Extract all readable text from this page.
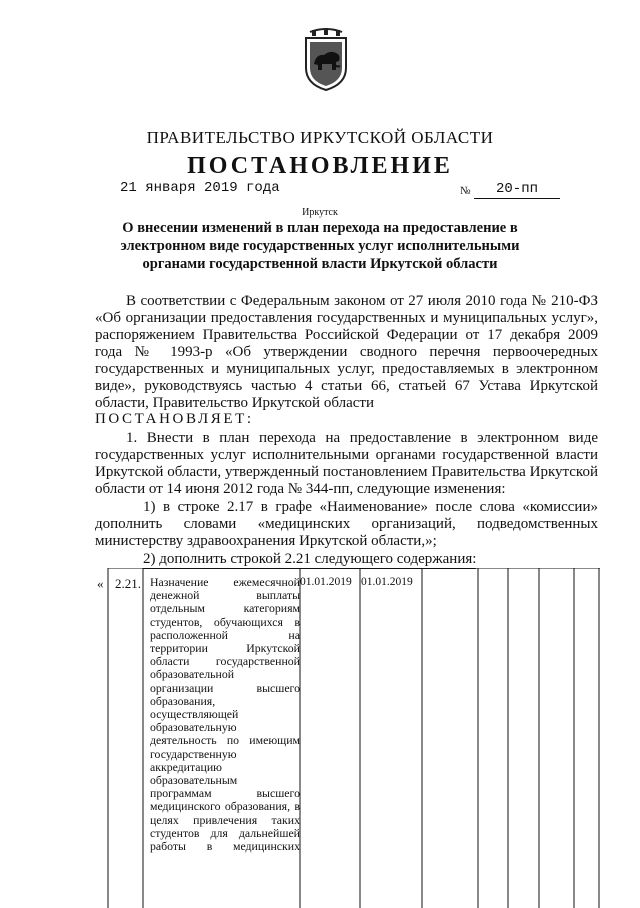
ПРАВИТЕЛЬСТВО ИРКУТСКОЙ ОБЛАСТИ
ПОСТАНОВЛЕНИЕ
21 января 2019 года	№	20-пп
Иркутск
О внесении изменений в план перехода на предоставление в электронном виде государственных услуг исполнительными органами государственной власти Иркутской области
В соответствии с Федеральным законом от 27 июля 2010 года № 210-ФЗ «Об организации предоставления государственных и муниципальных услуг», распоряжением Правительства Российской Федерации от 17 декабря 2009 года № 1993-р «Об утверждении сводного перечня первоочередных государственных и муниципальных услуг, предоставляемых в электронном виде», руководствуясь частью 4 статьи 66, статьей 67 Устава Иркутской области, Правительство Иркутской области
ПОСТАНОВЛЯЕТ:
1. Внести в план перехода на предоставление в электронном виде государственных услуг исполнительными органами государственной власти Иркутской области, утвержденный постановлением Правительства Иркутской области от 14 июня 2012 года № 344-пп, следующие изменения:
1) в строке 2.17 в графе «Наименование» после слова «комиссии» дополнить словами «медицинских организаций, подведомственных министерству здравоохранения Иркутской области,»;
2) дополнить строкой 2.21 следующего содержания:
« 2.21. Назначение ежемесячной денежной выплаты отдельным категориям студентов, обучающихся в расположенной на территории Иркутской области государственной образовательной организации высшего образования, осуществляющей образовательную деятельность по имеющим государственную аккредитацию образовательным программам высшего медицинского образования, в целях привлечения таких студентов для дальнейшей работы в медицинских
01.01.2019 01.01.2019
